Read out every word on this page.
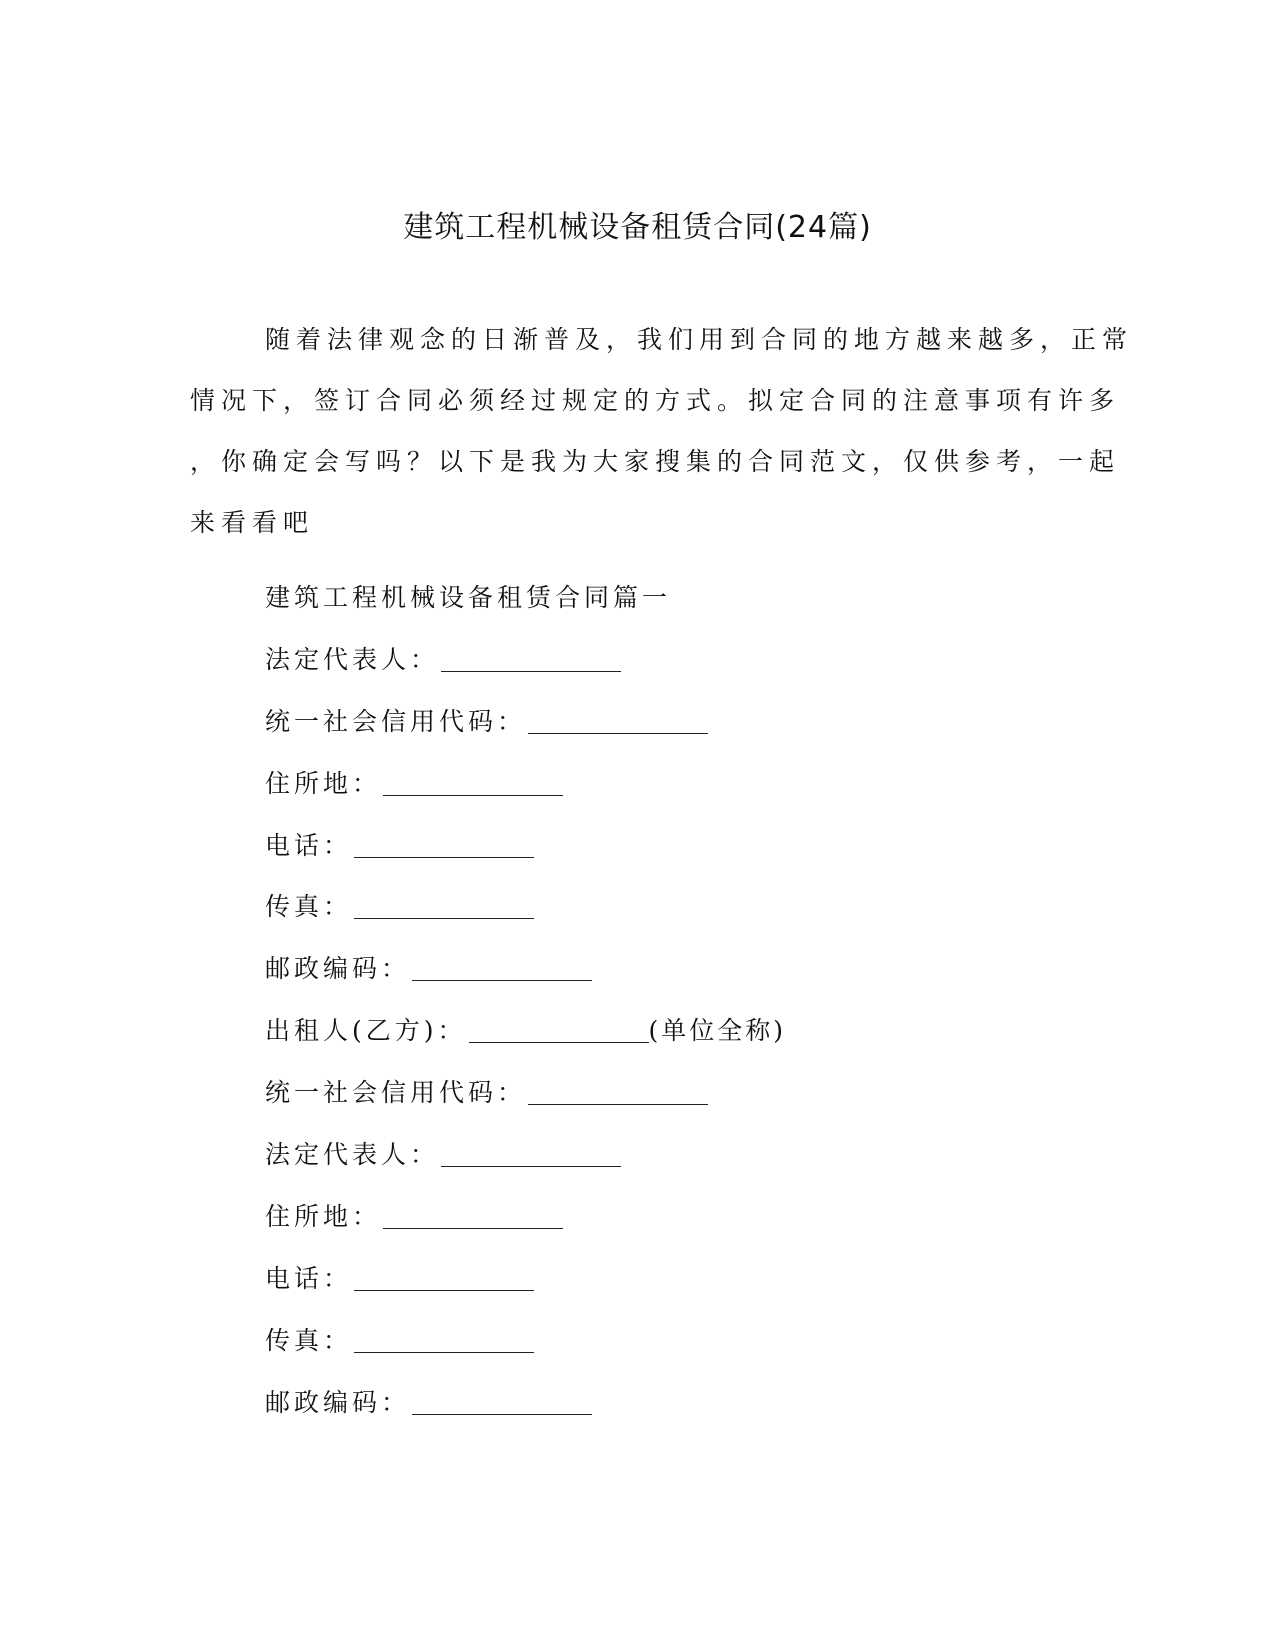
建筑工程机械设备租赁合同(24篇)
随着法律观念的日渐普及，我们用到合同的地方越来越多，正常
情况下，签订合同必须经过规定的方式。拟定合同的注意事项有许多
，你确定会写吗？以下是我为大家搜集的合同范文，仅供参考，一起
来看看吧
建筑工程机械设备租赁合同篇一
法定代表人：
统一社会信用代码：
住所地：
电话：
传真：
邮政编码：
出租人(乙方)：	(单位全称)
统一社会信用代码：
法定代表人：
住所地：
电话：
传真：
邮政编码：
